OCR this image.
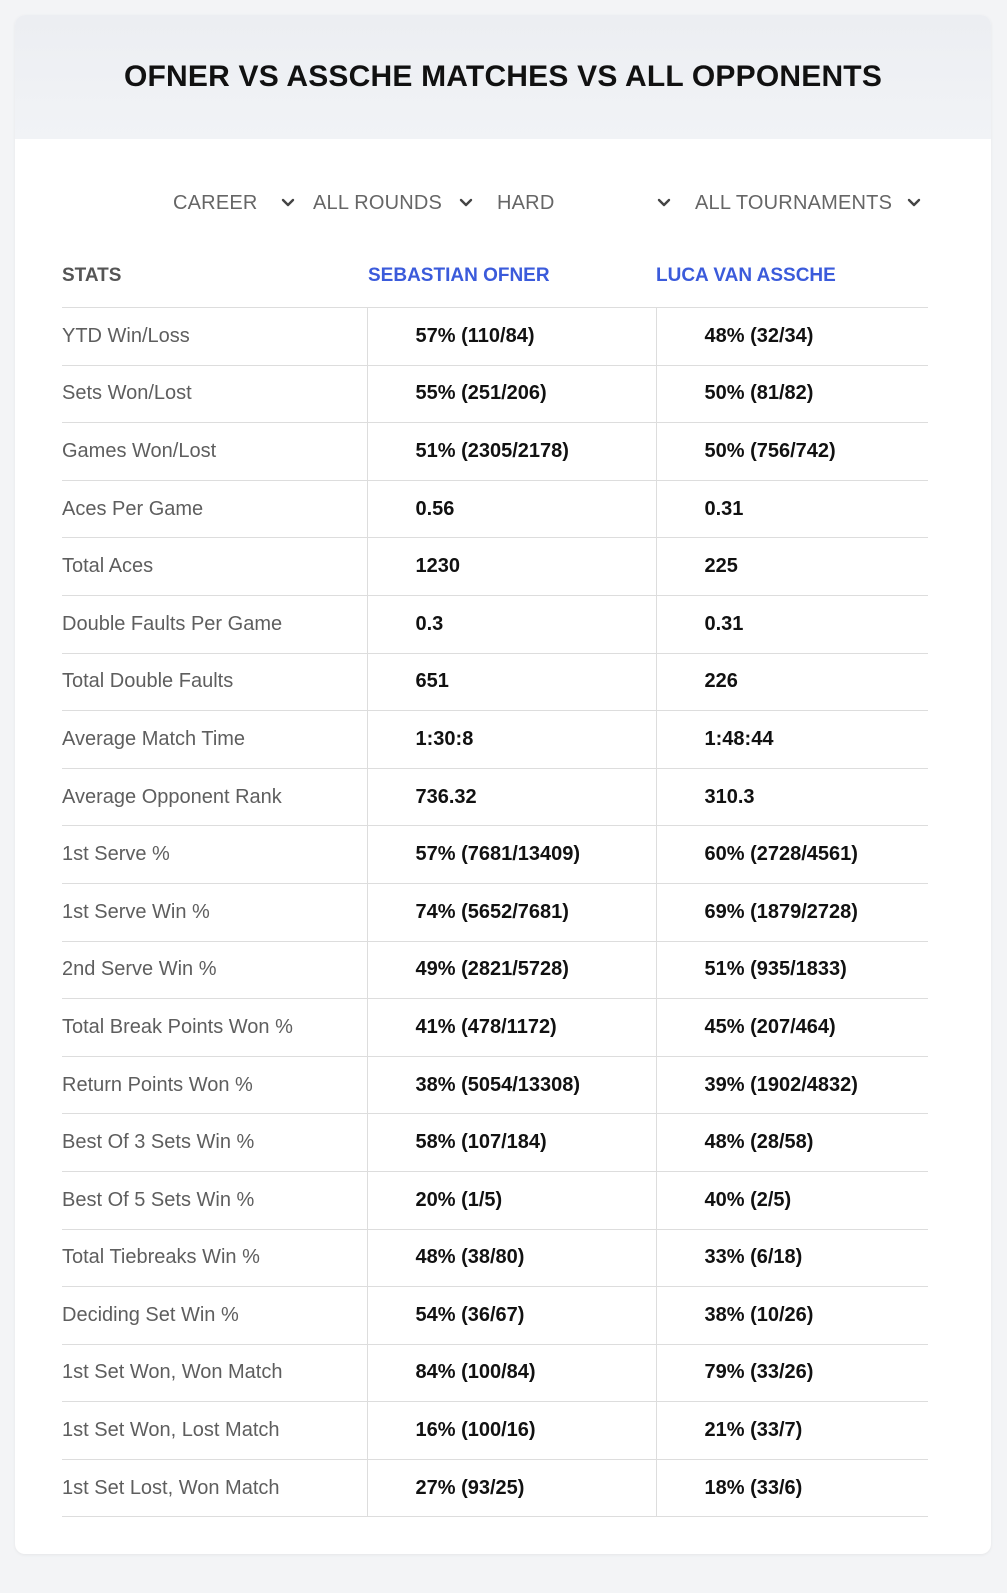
OFNER VS ASSCHE MATCHES VS ALL OPPONENTS
CAREER	ALL ROUNDS	HARD	ALL TOURNAMENTS
STATS	SEBASTIAN OFNER	LUCA VAN ASSCHE
YTD Win/Loss	57% (110/84)	48% (32/34)
Sets Won/Lost	55% (251/206)	50% (81/82)
Games Won/Lost	51% (2305/2178)	50% (756/742)
Aces Per Game	0.56	0.31
Total Aces	1230	225
Double Faults Per Game	0.3	0.31
Total Double Faults	651	226
Average Match Time	1:30:8	1:48:44
Average Opponent Rank	736.32	310.3
1st Serve %	57% (7681/13409)	60% (2728/4561)
1st Serve Win %	74% (5652/7681)	69% (1879/2728)
2nd Serve Win %	49% (2821/5728)	51% (935/1833)
Total Break Points Won %	41% (478/1172)	45% (207/464)
Return Points Won %	38% (5054/13308)	39% (1902/4832)
Best Of 3 Sets Win %	58% (107/184)	48% (28/58)
Best Of 5 Sets Win %	20% (1/5)	40% (2/5)
Total Tiebreaks Win %	48% (38/80)	33% (6/18)
Deciding Set Win %	54% (36/67)	38% (10/26)
1st Set Won, Won Match	84% (100/84)	79% (33/26)
1st Set Won, Lost Match	16% (100/16)	21% (33/7)
1st Set Lost, Won Match	27% (93/25)	18% (33/6)
